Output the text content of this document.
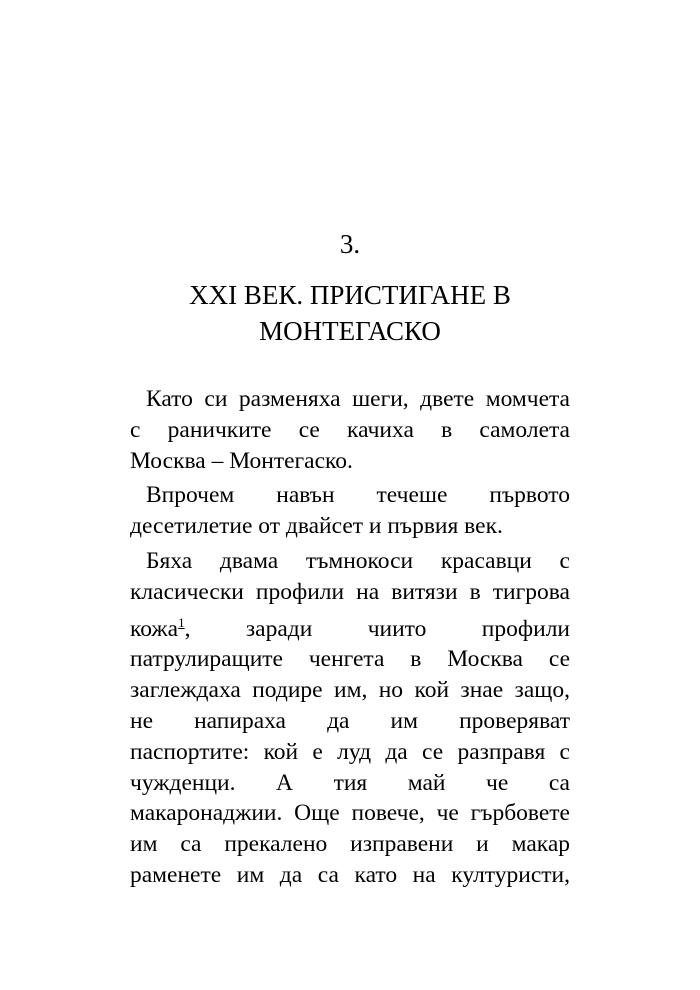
3.
XXI ВЕК. ПРИСТИГАНЕ В
МОНТЕГАСКО

Като си разменяха шеги, двете момчета
с раничките се качиха в самолета
Москва – Монтегаско.

Впрочем навън течеше първото
десетилетие от двайсет и първия век.

Бяха двама тъмнокоси красавци с
класически профили на витязи в тигрова
кожа$^1$, заради чиито профили
патрулиращите ченгета в Москва се
заглеждаха подире им, но кой знае защо,
не напираха да им проверяват
паспортите: кой е луд да се разправя с
чужденци. А тия май че са
макаронаджии. Още повече, че гърбовете
им са прекалено изправени и макар
раменете им да са като на културисти,
